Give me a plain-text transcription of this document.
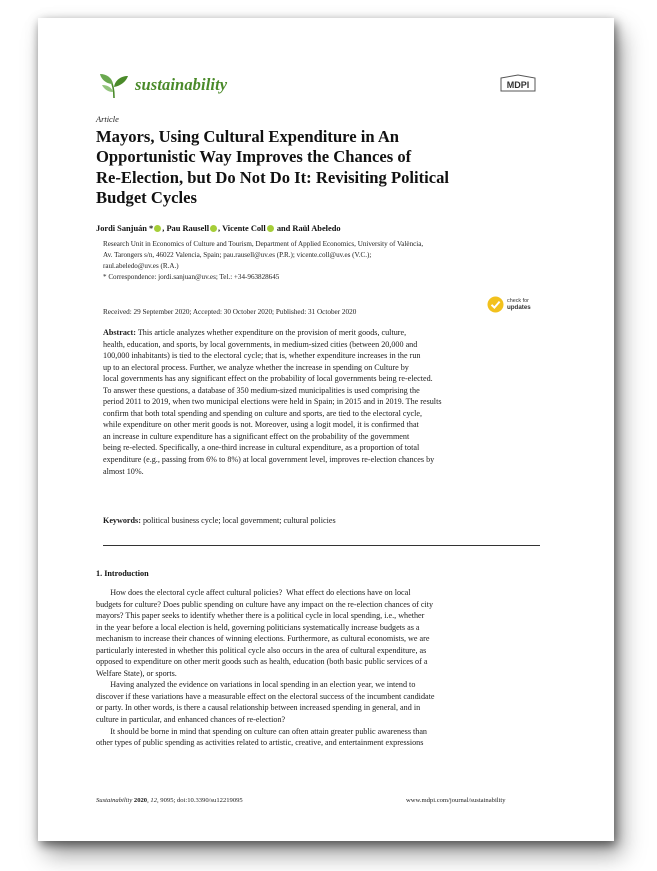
sustainability	MDPI
Article
Mayors, Using Cultural Expenditure in An
Opportunistic Way Improves the Chances of
Re-Election, but Do Not Do It: Revisiting Political
Budget Cycles
Jordi Sanjuán * , Pau Rausell , Vicente Coll and Raül Abeledo
Research Unit in Economics of Culture and Tourism, Department of Applied Economics, University of València,
Av. Tarongers s/n, 46022 Valencia, Spain; pau.rausell@uv.es (P.R.); vicente.coll@uv.es (V.C.);
raul.abeledo@uv.es (R.A.)
* Correspondence: jordi.sanjuan@uv.es; Tel.: +34-963828645
check for
updates
Received: 29 September 2020; Accepted: 30 October 2020; Published: 31 October 2020
Abstract: This article analyzes whether expenditure on the provision of merit goods, culture,
health, education, and sports, by local governments, in medium-sized cities (between 20,000 and
100,000 inhabitants) is tied to the electoral cycle; that is, whether expenditure increases in the run
up to an electoral process. Further, we analyze whether the increase in spending on Culture by
local governments has any significant effect on the probability of local governments being re-elected.
To answer these questions, a database of 350 medium-sized municipalities is used comprising the
period 2011 to 2019, when two municipal elections were held in Spain; in 2015 and in 2019. The results
confirm that both total spending and spending on culture and sports, are tied to the electoral cycle,
while expenditure on other merit goods is not. Moreover, using a logit model, it is confirmed that
an increase in culture expenditure has a significant effect on the probability of the government
being re-elected. Specifically, a one-third increase in cultural expenditure, as a proportion of total
expenditure (e.g., passing from 6% to 8%) at local government level, improves re-election chances by
almost 10%.
Keywords: political business cycle; local government; cultural policies
1. Introduction
How does the electoral cycle affect cultural policies?  What effect do elections have on local
budgets for culture? Does public spending on culture have any impact on the re-election chances of city
mayors? This paper seeks to identify whether there is a political cycle in local spending, i.e., whether
in the year before a local election is held, governing politicians systematically increase budgets as a
mechanism to increase their chances of winning elections. Furthermore, as cultural economists, we are
particularly interested in whether this political cycle also occurs in the area of cultural expenditure, as
opposed to expenditure on other merit goods such as health, education (both basic public services of a
Welfare State), or sports.
Having analyzed the evidence on variations in local spending in an election year, we intend to
discover if these variations have a measurable effect on the electoral success of the incumbent candidate
or party. In other words, is there a causal relationship between increased spending in general, and in
culture in particular, and enhanced chances of re-election?
It should be borne in mind that spending on culture can often attain greater public awareness than
other types of public spending as activities related to artistic, creative, and entertainment expressions
Sustainability 2020, 12, 9095; doi:10.3390/su12219095	www.mdpi.com/journal/sustainability
